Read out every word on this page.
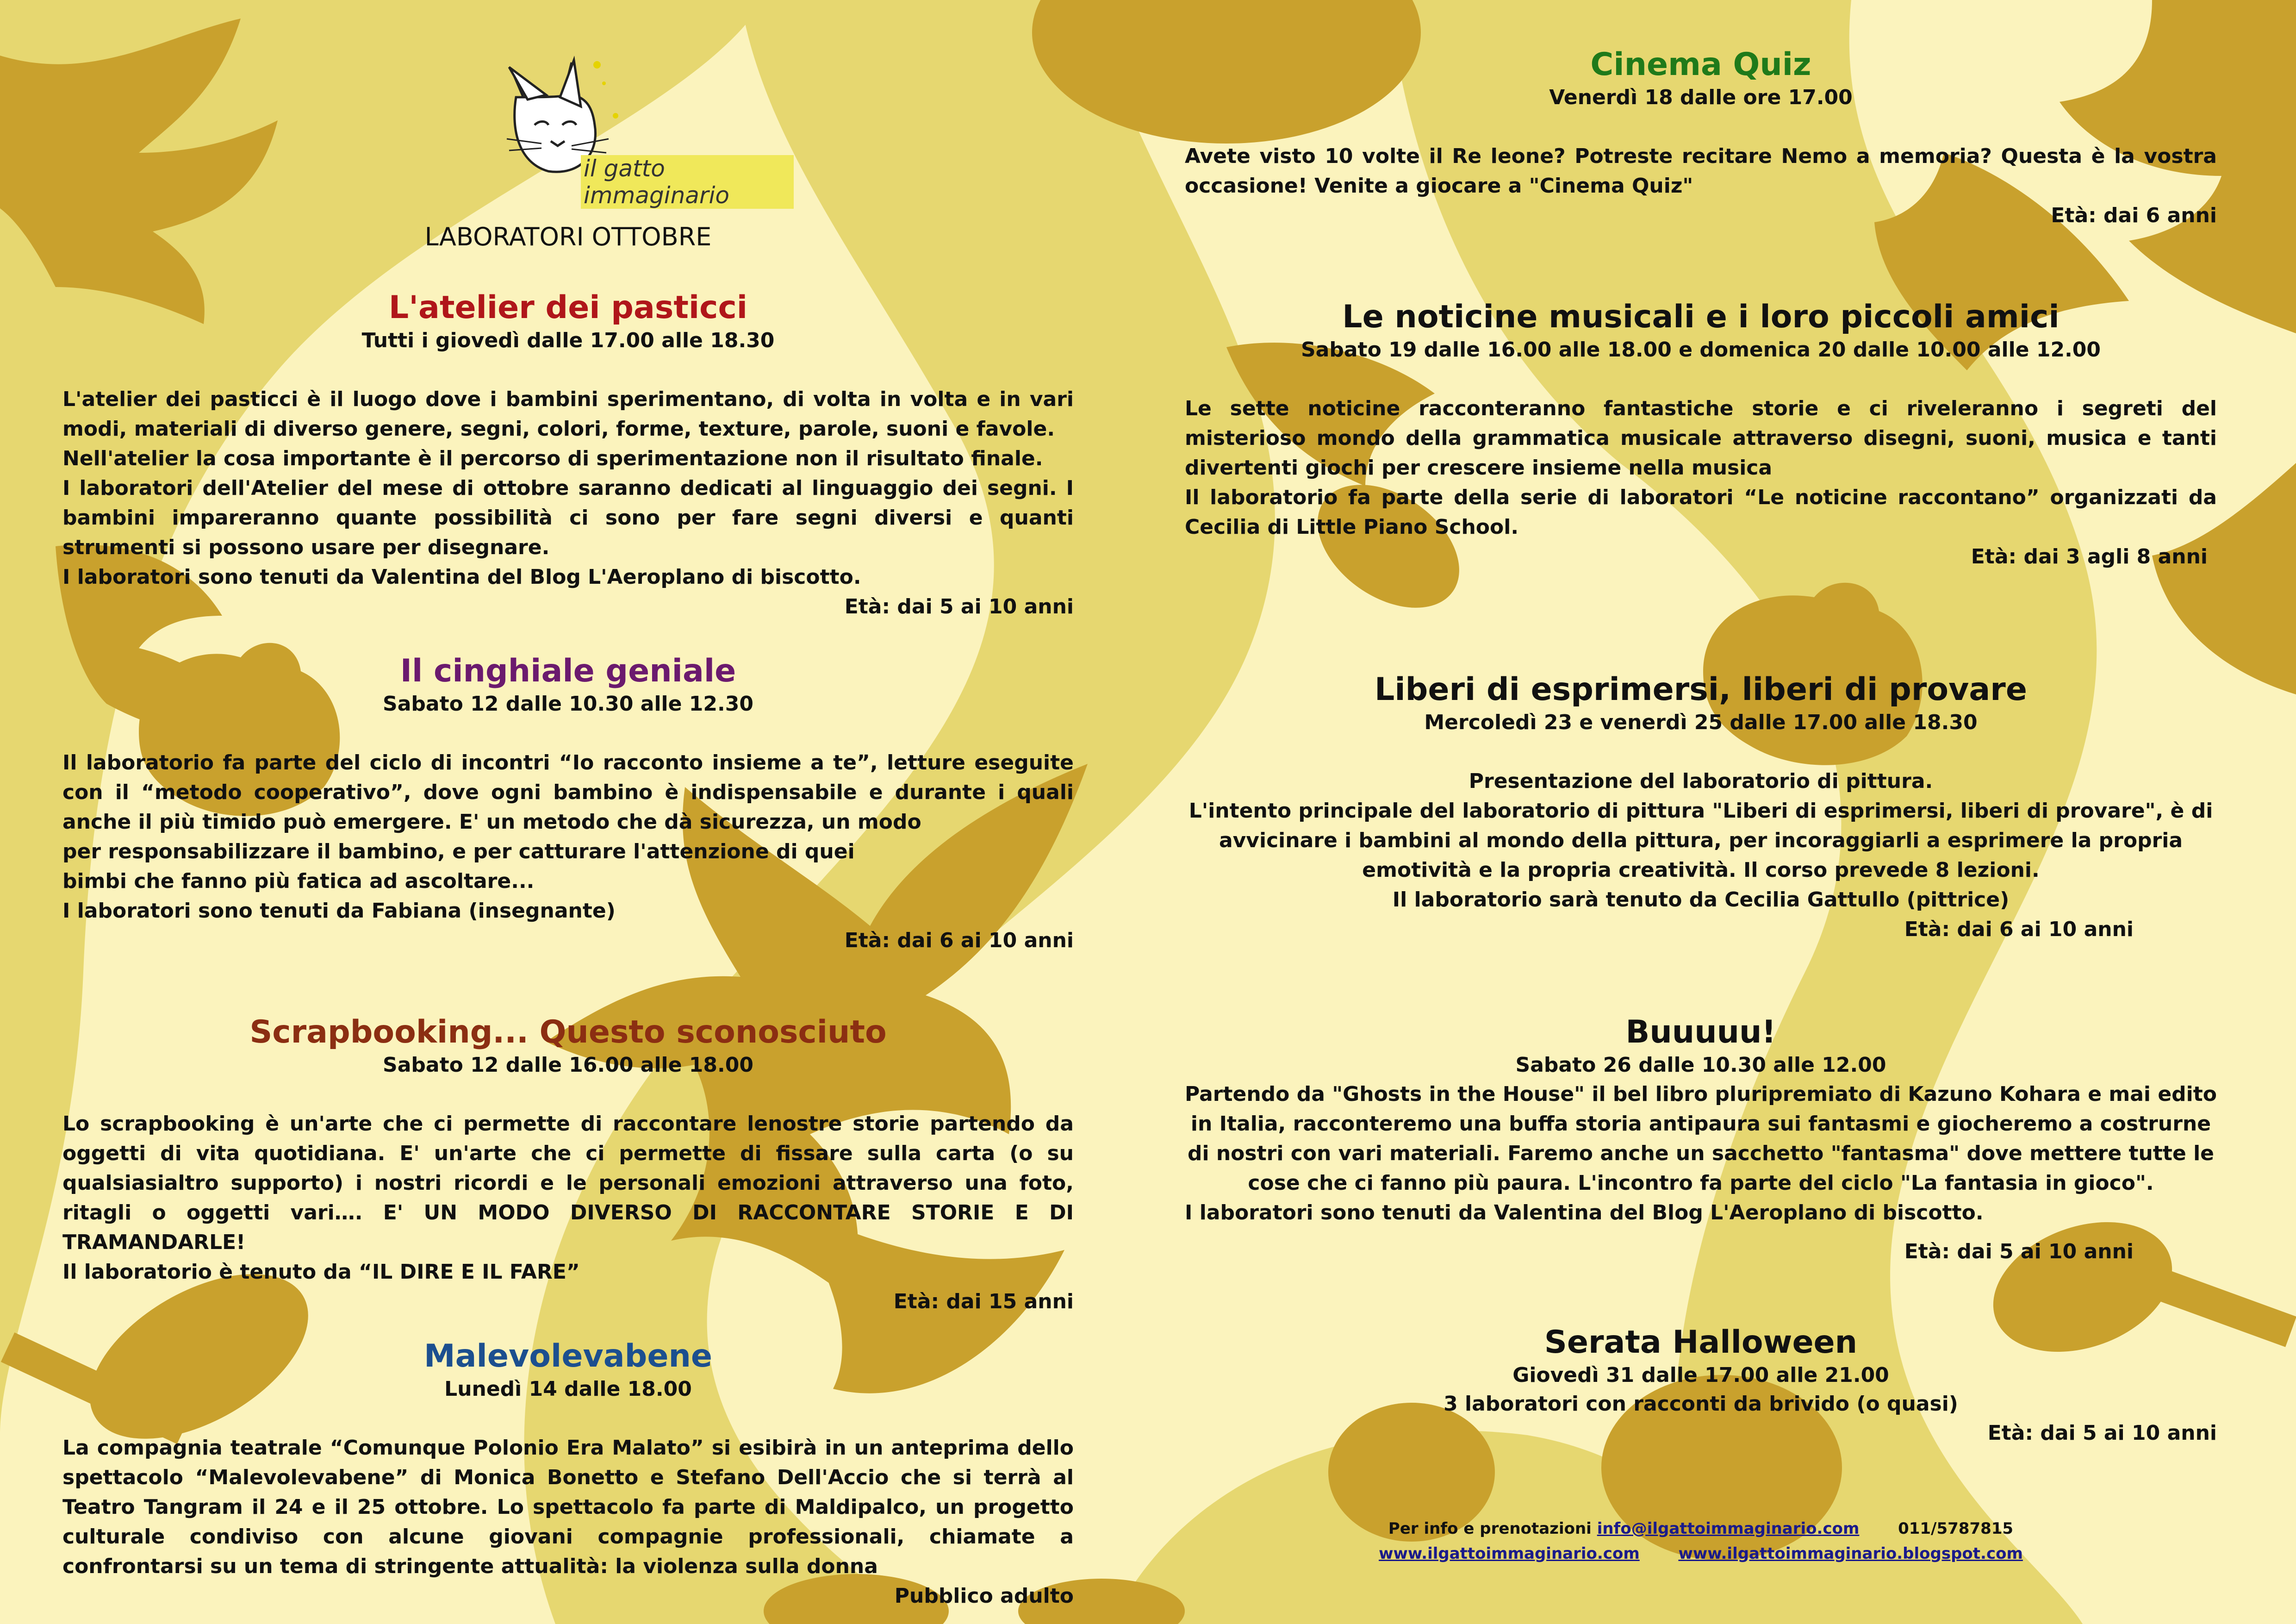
il gatto immaginario
LABORATORI OTTOBRE
L'atelier dei pasticci
Tutti i giovedì dalle 17.00 alle 18.30

L'atelier dei pasticci è il luogo dove i bambini sperimentano, di volta in volta e in vari modi, materiali di diverso genere, segni, colori, forme, texture, parole, suoni e favole.

Nell'atelier la cosa importante è il percorso di sperimentazione non il risultato finale.

I laboratori dell'Atelier del mese di ottobre saranno dedicati al linguaggio dei segni. I bambini impareranno quante possibilità ci sono per fare segni diversi e quanti strumenti si possono usare per disegnare.

I laboratori sono tenuti da Valentina del Blog L'Aeroplano di biscotto.

Età: dai 5 ai 10 anni
Il cinghiale geniale
Sabato 12 dalle 10.30 alle 12.30

Il laboratorio fa parte del ciclo di incontri “Io racconto insieme a te”, letture eseguite con il “metodo cooperativo”, dove ogni bambino è indispensabile e durante i quali anche il più timido può emergere. E' un metodo che dà sicurezza, un modo

per responsabilizzare il bambino, e per catturare l'attenzione di quei

bimbi che fanno più fatica ad ascoltare...

I laboratori sono tenuti da Fabiana (insegnante)

Età: dai 6 ai 10 anni
Scrapbooking... Questo sconosciuto
Sabato 12 dalle 16.00 alle 18.00

Lo scrapbooking è un'arte che ci permette di raccontare lenostre storie partendo da oggetti di vita quotidiana. E' un'arte che ci permette di fissare sulla carta (o su qualsiasialtro supporto) i nostri ricordi e le personali emozioni attraverso una foto, ritagli o oggetti vari…. E' UN MODO DIVERSO DI RACCONTARE STORIE E DI TRAMANDARLE!

Il laboratorio è tenuto da “IL DIRE E IL FARE”

Età: dai 15 anni
Malevolevabene
Lunedì 14 dalle 18.00

La compagnia teatrale “Comunque Polonio Era Malato” si esibirà in un anteprima dello spettacolo “Malevolevabene” di Monica Bonetto e Stefano Dell'Accio che si terrà al Teatro Tangram il 24 e il 25 ottobre. Lo spettacolo fa parte di Maldipalco, un progetto culturale condiviso con alcune giovani compagnie professionali, chiamate a confrontarsi su un tema di stringente attualità: la violenza sulla donna

Pubblico adulto
Cinema Quiz
Venerdì 18 dalle ore 17.00

Avete visto 10 volte il Re leone? Potreste recitare Nemo a memoria? Questa è la vostra occasione! Venite a giocare a "Cinema Quiz"

Età: dai 6 anni
Le noticine musicali e i loro piccoli amici
Sabato 19 dalle 16.00 alle 18.00 e domenica 20 dalle 10.00 alle 12.00

Le sette noticine racconteranno fantastiche storie e ci riveleranno i segreti del misterioso mondo della grammatica musicale attraverso disegni, suoni, musica e tanti divertenti giochi per crescere insieme nella musica

Il laboratorio fa parte della serie di laboratori “Le noticine raccontano” organizzati da Cecilia di Little Piano School.

Età: dai 3 agli 8 anni
Liberi di esprimersi, liberi di provare
Mercoledì 23 e venerdì 25 dalle 17.00 alle 18.30

Presentazione del laboratorio di pittura.

L'intento principale del laboratorio di pittura "Liberi di esprimersi, liberi di provare", è di avvicinare i bambini al mondo della pittura, per incoraggiarli a esprimere la propria emotività e la propria creatività. Il corso prevede 8 lezioni.

Il laboratorio sarà tenuto da Cecilia Gattullo (pittrice)

Età: dai 6 ai 10 anni
Buuuuu!
Sabato 26 dalle 10.30 alle 12.00

Partendo da "Ghosts in the House" il bel libro pluripremiato di Kazuno Kohara e mai edito in Italia, racconteremo una buffa storia antipaura sui fantasmi e giocheremo a costrurne di nostri con vari materiali. Faremo anche un sacchetto "fantasma" dove mettere tutte le cose che ci fanno più paura. L'incontro fa parte del ciclo "La fantasia in gioco".

I laboratori sono tenuti da Valentina del Blog L'Aeroplano di biscotto.

Età: dai 5 ai 10 anni
Serata Halloween
Giovedì 31 dalle 17.00 alle 21.00
3 laboratori con racconti da brivido (o quasi)
Età: dai 5 ai 10 anni
Per info e prenotazioni info@ilgattoimmaginario.com 011/5787815
www.ilgattoimmaginario.com www.ilgattoimmaginario.blogspot.com
